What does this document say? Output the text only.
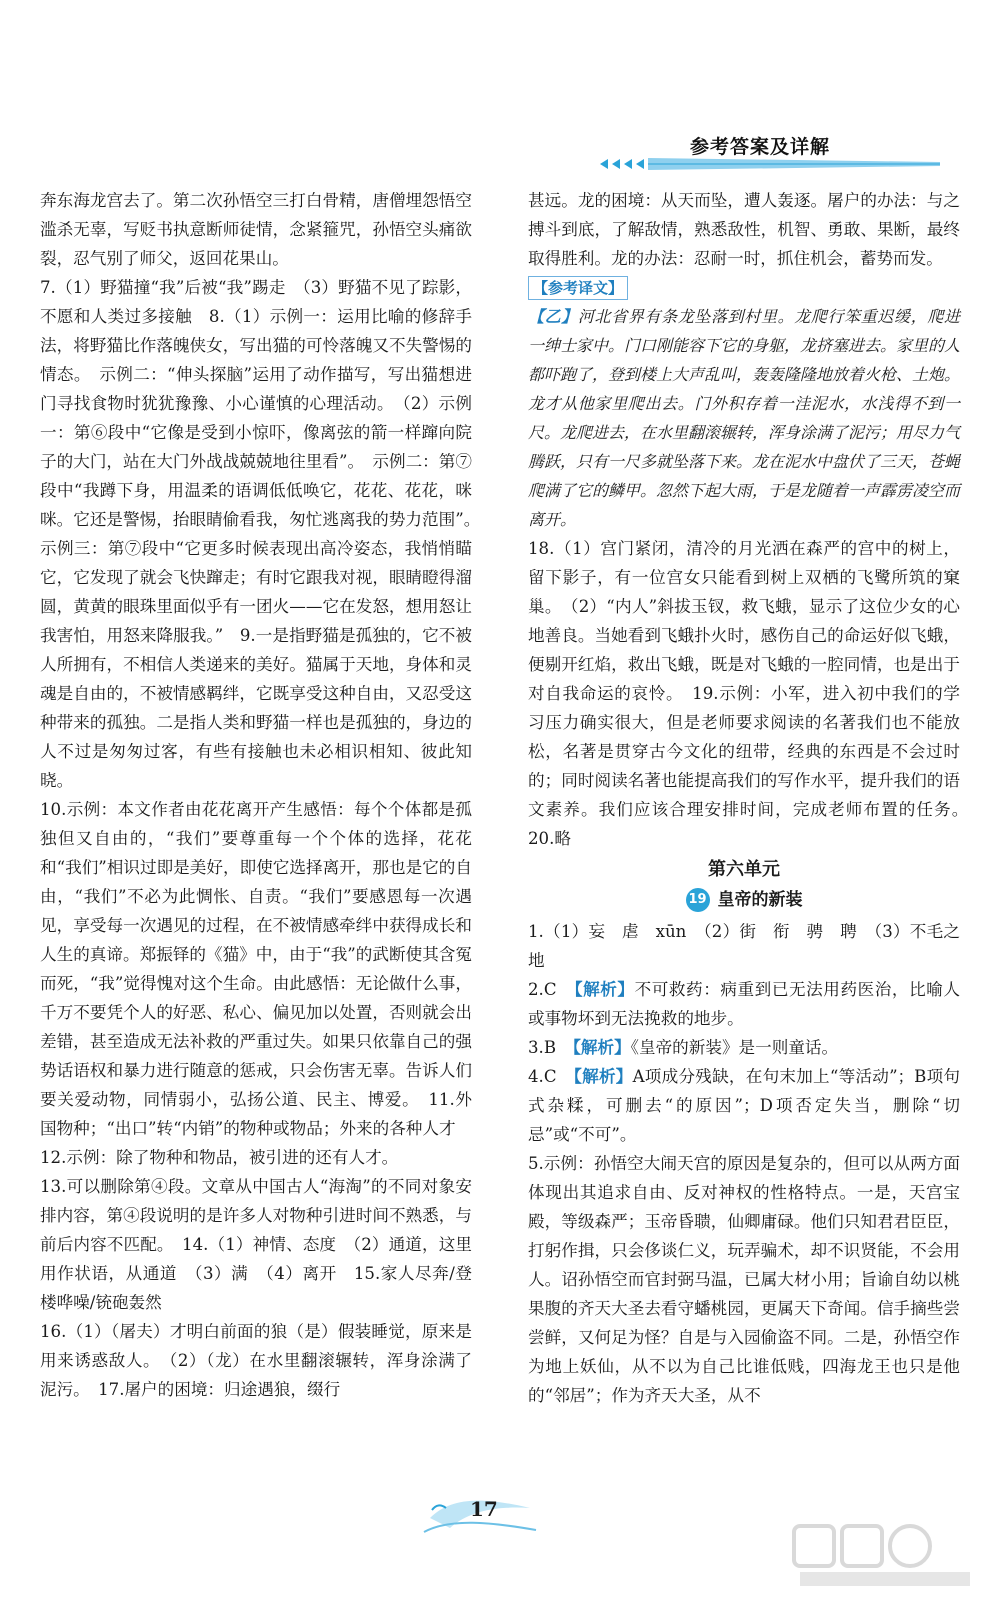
参考答案及详解

奔东海龙宫去了。第二次孙悟空三打白骨精，唐僧埋怨悟空滥杀无辜，写贬书执意断师徒情，念紧箍咒，孙悟空头痛欲裂，忍气别了师父，返回花果山。

7.（1）野猫撞“我”后被“我”踢走　（3）野猫不见了踪影，不愿和人类过多接触　8.（1）示例一：运用比喻的修辞手法，将野猫比作落魄侠女，写出猫的可怜落魄又不失警惕的情态。　示例二：“伸头探脑”运用了动作描写，写出猫想进门寻找食物时犹犹豫豫、小心谨慎的心理活动。　（2）示例一：第⑥段中“它像是受到小惊吓，像离弦的箭一样蹿向院子的大门，站在大门外战战兢兢地往里看”。　示例二：第⑦段中“我蹲下身，用温柔的语调低低唤它，花花、花花，咪咪。它还是警惕，抬眼睛偷看我，匆忙逃离我的势力范围”。　示例三：第⑦段中“它更多时候表现出高冷姿态，我悄悄瞄它，它发现了就会飞快蹿走；有时它跟我对视，眼睛瞪得溜圆，黄黄的眼珠里面似乎有一团火——它在发怒，想用怒让我害怕，用怒来降服我。”　9.一是指野猫是孤独的，它不被人所拥有，不相信人类递来的美好。猫属于天地，身体和灵魂是自由的，不被情感羁绊，它既享受这种自由，又忍受这种带来的孤独。二是指人类和野猫一样也是孤独的，身边的人不过是匆匆过客，有些有接触也未必相识相知、彼此知晓。

10.示例：本文作者由花花离开产生感悟：每个个体都是孤独但又自由的，“我们”要尊重每一个个体的选择，花花和“我们”相识过即是美好，即使它选择离开，那也是它的自由，“我们”不必为此惆怅、自责。“我们”要感恩每一次遇见，享受每一次遇见的过程，在不被情感牵绊中获得成长和人生的真谛。郑振铎的《猫》中，由于“我”的武断使其含冤而死，“我”觉得愧对这个生命。由此感悟：无论做什么事，千万不要凭个人的好恶、私心、偏见加以处置，否则就会出差错，甚至造成无法补救的严重过失。如果只依靠自己的强势话语权和暴力进行随意的惩戒，只会伤害无辜。告诉人们要关爱动物，同情弱小，弘扬公道、民主、博爱。　11.外国物种；“出口”转“内销”的物种或物品；外来的各种人才

12.示例：除了物种和物品，被引进的还有人才。

13.可以删除第④段。文章从中国古人“海淘”的不同对象安排内容，第④段说明的是许多人对物种引进时间不熟悉，与前后内容不匹配。　14.（1）神情、态度　（2）通道，这里用作状语，从通道　（3）满　（4）离开　15.家人尽奔/登楼哗噪/铳砲轰然

16.（1）（屠夫）才明白前面的狼（是）假装睡觉，原来是用来诱惑敌人。　（2）（龙）在水里翻滚辗转，浑身涂满了泥污。　17.屠户的困境：归途遇狼，缀行

甚远。龙的困境：从天而坠，遭人轰逐。屠户的办法：与之搏斗到底，了解敌情，熟悉敌性，机智、勇敢、果断，最终取得胜利。龙的办法：忍耐一时，抓住机会，蓄势而发。

【参考译文】

【乙】河北省界有条龙坠落到村里。龙爬行笨重迟缓，爬进一绅士家中。门口刚能容下它的身躯，龙挤塞进去。家里的人都吓跑了，登到楼上大声乱叫，轰轰隆隆地放着火枪、土炮。龙才从他家里爬出去。门外积存着一洼泥水，水浅得不到一尺。龙爬进去，在水里翻滚辗转，浑身涂满了泥污；用尽力气腾跃，只有一尺多就坠落下来。龙在泥水中盘伏了三天，苍蝇爬满了它的鳞甲。忽然下起大雨，于是龙随着一声霹雳凌空而离开。

18.（1）宫门紧闭，清冷的月光洒在森严的宫中的树上，留下影子，有一位宫女只能看到树上双栖的飞鹭所筑的窠巢。　（2）“内人”斜拔玉钗，救飞蛾，显示了这位少女的心地善良。当她看到飞蛾扑火时，感伤自己的命运好似飞蛾，便剔开红焰，救出飞蛾，既是对飞蛾的一腔同情，也是出于对自我命运的哀怜。　19.示例：小军，进入初中我们的学习压力确实很大，但是老师要求阅读的名著我们也不能放松，名著是贯穿古今文化的纽带，经典的东西是不会过时的；同时阅读名著也能提高我们的写作水平，提升我们的语文素养。我们应该合理安排时间，完成老师布置的任务。　20.略

第六单元
19 皇帝的新装

1.（1）妄　虐　xūn　（2）街　衔　骋　聘　（3）不毛之地

2.C　【解析】不可救药：病重到已无法用药医治，比喻人或事物坏到无法挽救的地步。

3.B　【解析】《皇帝的新装》是一则童话。

4.C　【解析】A项成分残缺，在句末加上“等活动”；B项句式杂糅，可删去“的原因”；D项否定失当，删除“切忌”或“不可”。

5.示例：孙悟空大闹天宫的原因是复杂的，但可以从两方面体现出其追求自由、反对神权的性格特点。一是，天宫宝殿，等级森严；玉帝昏聩，仙卿庸碌。他们只知君君臣臣，打躬作揖，只会侈谈仁义，玩弄骗术，却不识贤能，不会用人。诏孙悟空而官封弼马温，已属大材小用；旨谕自幼以桃果腹的齐天大圣去看守蟠桃园，更属天下奇闻。信手摘些尝尝鲜，又何足为怪？自是与入园偷盗不同。二是，孙悟空作为地上妖仙，从不以为自己比谁低贱，四海龙王也只是他的“邻居”；作为齐天大圣，从不

17
